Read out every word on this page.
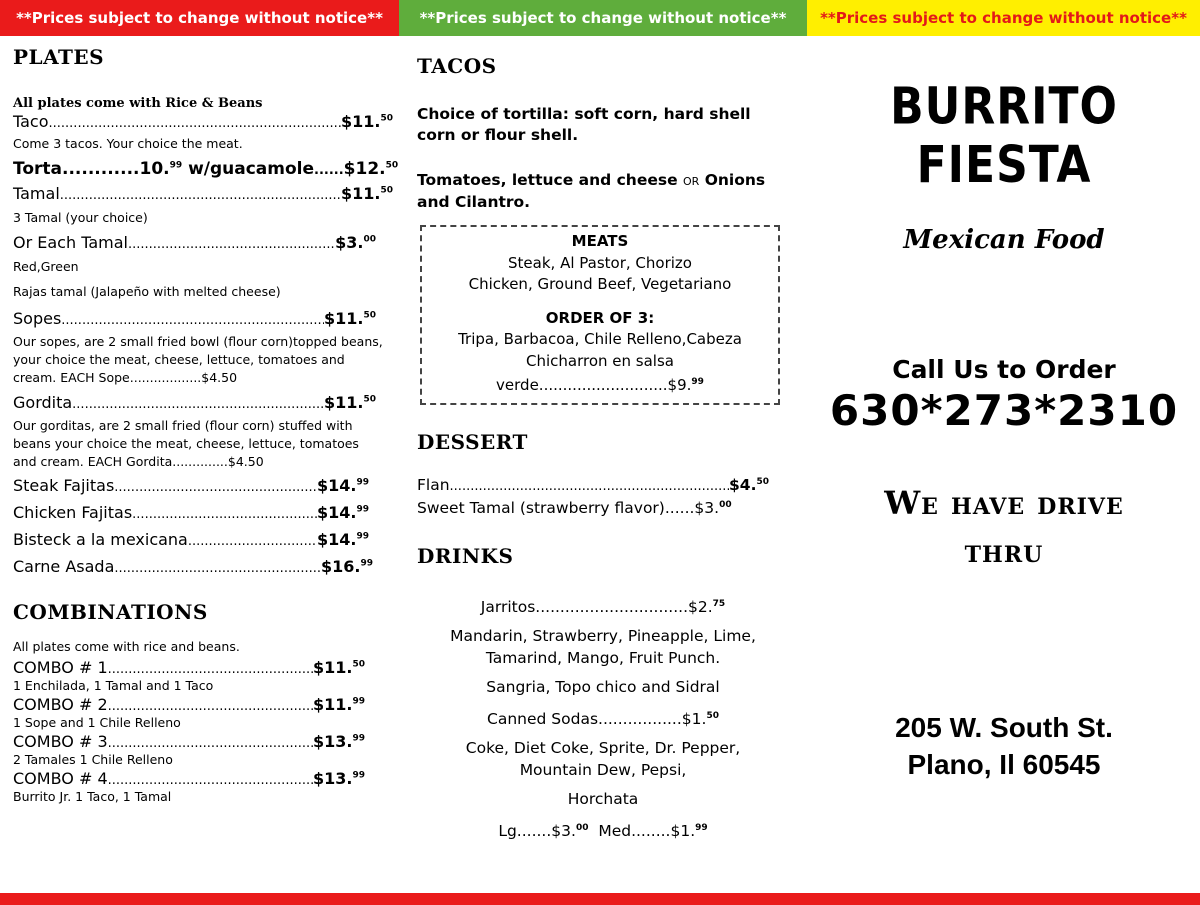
**Prices subject to change without notice**	**Prices subject to change without notice**	**Prices subject to change without notice**
PLATES
All plates come with Rice & Beans
Taco .....	$11.50
Come 3 tacos. Your choice the meat.
Torta............10.99 w/guacamole...... $12.50
Tamal .....	$11.50
3 Tamal (your choice)
Or Each Tamal .....	$3.00
Red,Green
Rajas tamal (Jalapeño with melted cheese)
Sopes .....	$11.50
Our sopes, are 2 small fried bowl (flour corn)topped beans, your choice the meat, cheese, lettuce, tomatoes and cream. EACH Sope..................$4.50
Gordita .....	$11.50
Our gorditas, are 2 small fried (flour corn) stuffed with beans your choice the meat, cheese, lettuce, tomatoes and cream. EACH Gordita..............$4.50
Steak Fajitas .....	$14.99
Chicken Fajitas .....	$14.99
Bisteck a la mexicana .....	$14.99
Carne Asada .....	$16.99
COMBINATIONS
All plates come with rice and beans.
COMBO # 1 .....	$11.50
1 Enchilada, 1 Tamal and 1 Taco
COMBO # 2 .....	$11.99
1 Sope and 1 Chile Relleno
COMBO # 3 .....	$13.99
2 Tamales 1 Chile Relleno
COMBO # 4 .....	$13.99
Burrito Jr. 1 Taco, 1 Tamal
TACOS
Choice of tortilla: soft corn, hard shell corn or flour shell.
Tomatoes, lettuce and cheese OR Onions and Cilantro.
MEATS
Steak, Al Pastor, Chorizo
Chicken, Ground Beef, Vegetariano
ORDER OF 3:
Tripa, Barbacoa, Chile Relleno,Cabeza
Chicharron en salsa
verde...........................$9.99
DESSERT
Flan .....	$4.50
Sweet Tamal (strawberry flavor)......$3.00
DRINKS
Jarritos...............................$2.75
Mandarin, Strawberry, Pineapple, Lime, Tamarind, Mango, Fruit Punch.
Sangria, Topo chico and Sidral
Canned Sodas.................$1.50
Coke, Diet Coke, Sprite, Dr. Pepper, Mountain Dew, Pepsi,
Horchata
Lg.......$3.00  Med........$1.99
BURRITO FIESTA
Mexican Food
Call Us to Order
630*273*2310
We have drive
thru
205 W. South St.
Plano, Il 60545
